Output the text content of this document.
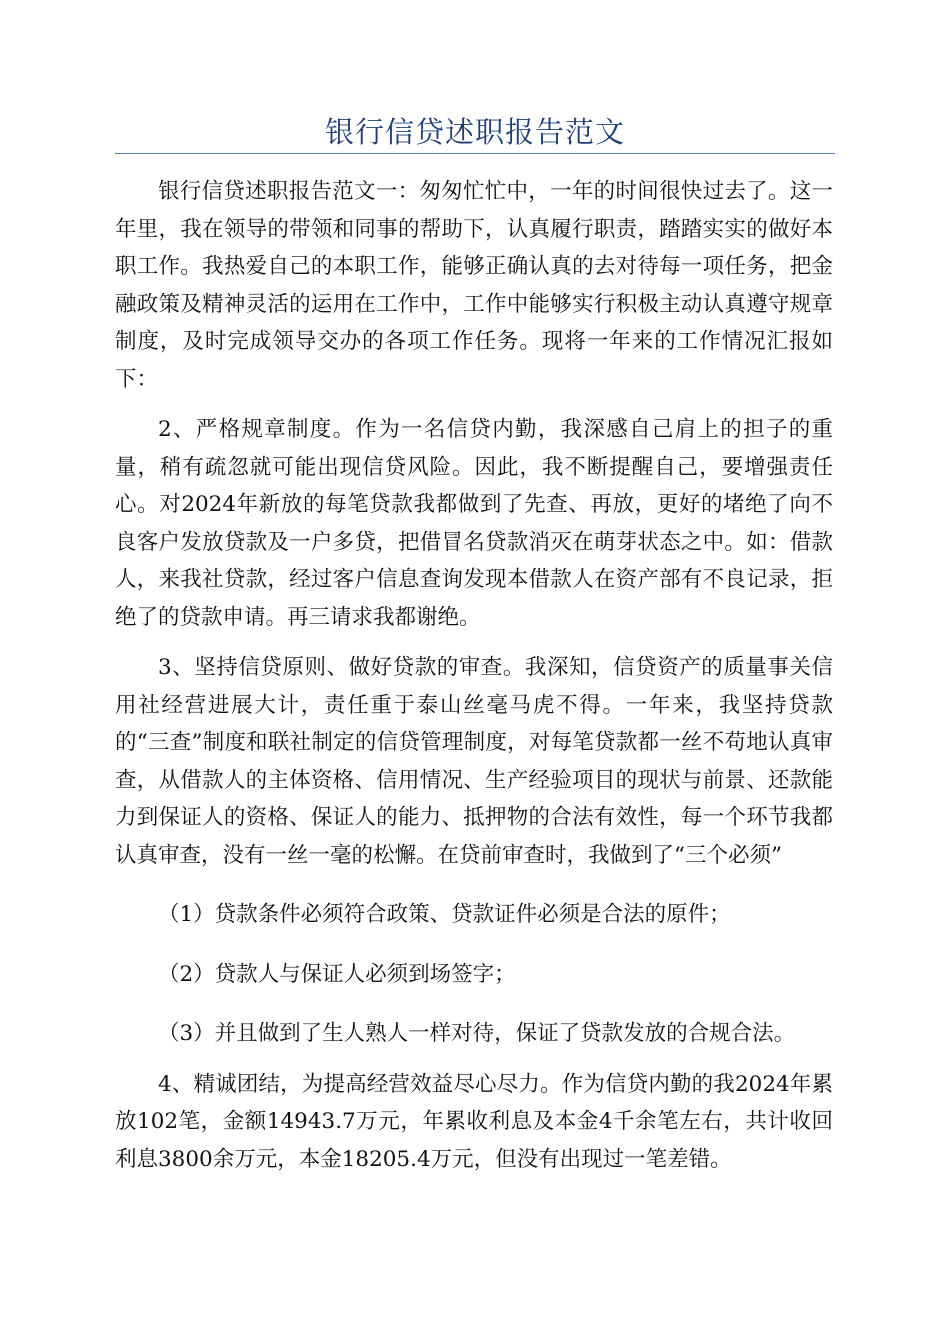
银行信贷述职报告范文

银行信贷述职报告范文一：匆匆忙忙中，一年的时间很快过去了。这一年里，我在领导的带领和同事的帮助下，认真履行职责，踏踏实实的做好本职工作。我热爱自己的本职工作，能够正确认真的去对待每一项任务，把金融政策及精神灵活的运用在工作中，工作中能够实行积极主动认真遵守规章制度，及时完成领导交办的各项工作任务。现将一年来的工作情况汇报如下：

2、严格规章制度。作为一名信贷内勤，我深感自己肩上的担子的重量，稍有疏忽就可能出现信贷风险。因此，我不断提醒自己，要增强责任心。对2024年新放的每笔贷款我都做到了先查、再放，更好的堵绝了向不良客户发放贷款及一户多贷，把借冒名贷款消灭在萌芽状态之中。如：借款人，来我社贷款，经过客户信息查询发现本借款人在资产部有不良记录，拒绝了的贷款申请。再三请求我都谢绝。

3、坚持信贷原则、做好贷款的审查。我深知，信贷资产的质量事关信用社经营进展大计，责任重于泰山丝毫马虎不得。一年来，我坚持贷款的“三查”制度和联社制定的信贷管理制度，对每笔贷款都一丝不苟地认真审查，从借款人的主体资格、信用情况、生产经验项目的现状与前景、还款能力到保证人的资格、保证人的能力、抵押物的合法有效性，每一个环节我都认真审查，没有一丝一毫的松懈。在贷前审查时，我做到了“三个必须”

（1）贷款条件必须符合政策、贷款证件必须是合法的原件；

（2）贷款人与保证人必须到场签字；

（3）并且做到了生人熟人一样对待，保证了贷款发放的合规合法。

4、精诚团结，为提高经营效益尽心尽力。作为信贷内勤的我2024年累放102笔，金额14943.7万元，年累收利息及本金4千余笔左右，共计收回利息3800余万元，本金18205.4万元，但没有出现过一笔差错。
